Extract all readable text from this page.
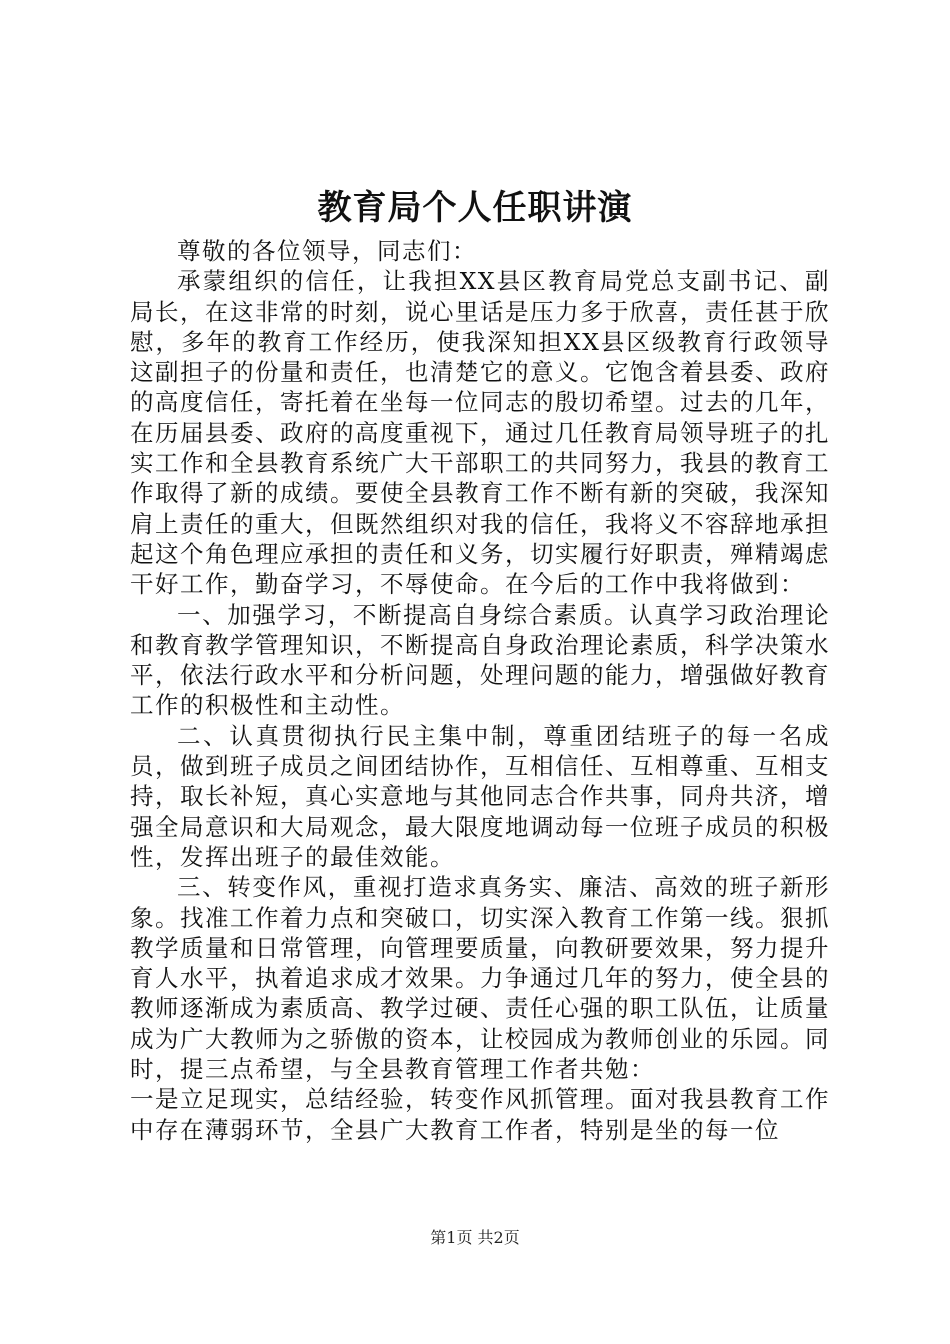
教育局个人任职讲演

尊敬的各位领导，同志们：

承蒙组织的信任，让我担XX县区教育局党总支副书记、副局长，在这非常的时刻，说心里话是压力多于欣喜，责任甚于欣慰，多年的教育工作经历，使我深知担XX县区级教育行政领导这副担子的份量和责任，也清楚它的意义。它饱含着县委、政府的高度信任，寄托着在坐每一位同志的殷切希望。过去的几年，在历届县委、政府的高度重视下，通过几任教育局领导班子的扎实工作和全县教育系统广大干部职工的共同努力，我县的教育工作取得了新的成绩。要使全县教育工作不断有新的突破，我深知肩上责任的重大，但既然组织对我的信任，我将义不容辞地承担起这个角色理应承担的责任和义务，切实履行好职责，殚精竭虑干好工作，勤奋学习，不辱使命。在今后的工作中我将做到：

一、加强学习，不断提高自身综合素质。认真学习政治理论和教育教学管理知识，不断提高自身政治理论素质，科学决策水平，依法行政水平和分析问题，处理问题的能力，增强做好教育工作的积极性和主动性。

二、认真贯彻执行民主集中制，尊重团结班子的每一名成员，做到班子成员之间团结协作，互相信任、互相尊重、互相支持，取长补短，真心实意地与其他同志合作共事，同舟共济，增强全局意识和大局观念，最大限度地调动每一位班子成员的积极性，发挥出班子的最佳效能。

三、转变作风，重视打造求真务实、廉洁、高效的班子新形象。找准工作着力点和突破口，切实深入教育工作第一线。狠抓教学质量和日常管理，向管理要质量，向教研要效果，努力提升育人水平，执着追求成才效果。力争通过几年的努力，使全县的教师逐渐成为素质高、教学过硬、责任心强的职工队伍，让质量成为广大教师为之骄傲的资本，让校园成为教师创业的乐园。同时，提三点希望，与全县教育管理工作者共勉：

一是立足现实，总结经验，转变作风抓管理。面对我县教育工作中存在薄弱环节，全县广大教育工作者，特别是坐的每一位

第1页 共2页
